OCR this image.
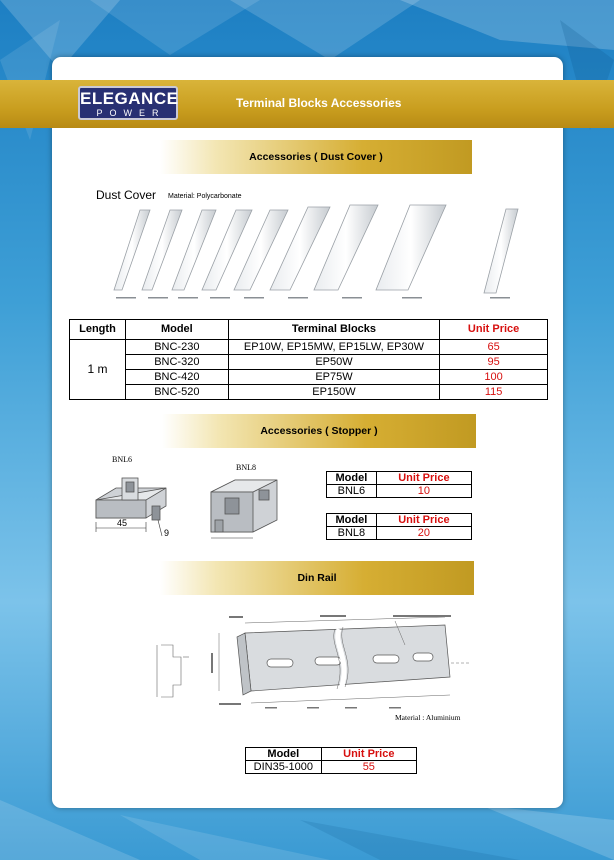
ELEGANCE
POWER
Terminal Blocks Accessories
Accessories ( Dust Cover )
Dust Cover Material: Polycarbonate
Length	Model	Terminal Blocks	Unit Price
1 m	BNC-230	EP10W, EP15MW, EP15LW, EP30W	65
	BNC-320	EP50W	95
	BNC-420	EP75W	100
	BNC-520	EP150W	115
Accessories ( Stopper )
BNL6
45
9
BNL8
Model	Unit Price
BNL6	10
Model	Unit Price
BNL8	20
Din Rail
Material : Aluminium
Model	Unit Price
DIN35-1000	55
